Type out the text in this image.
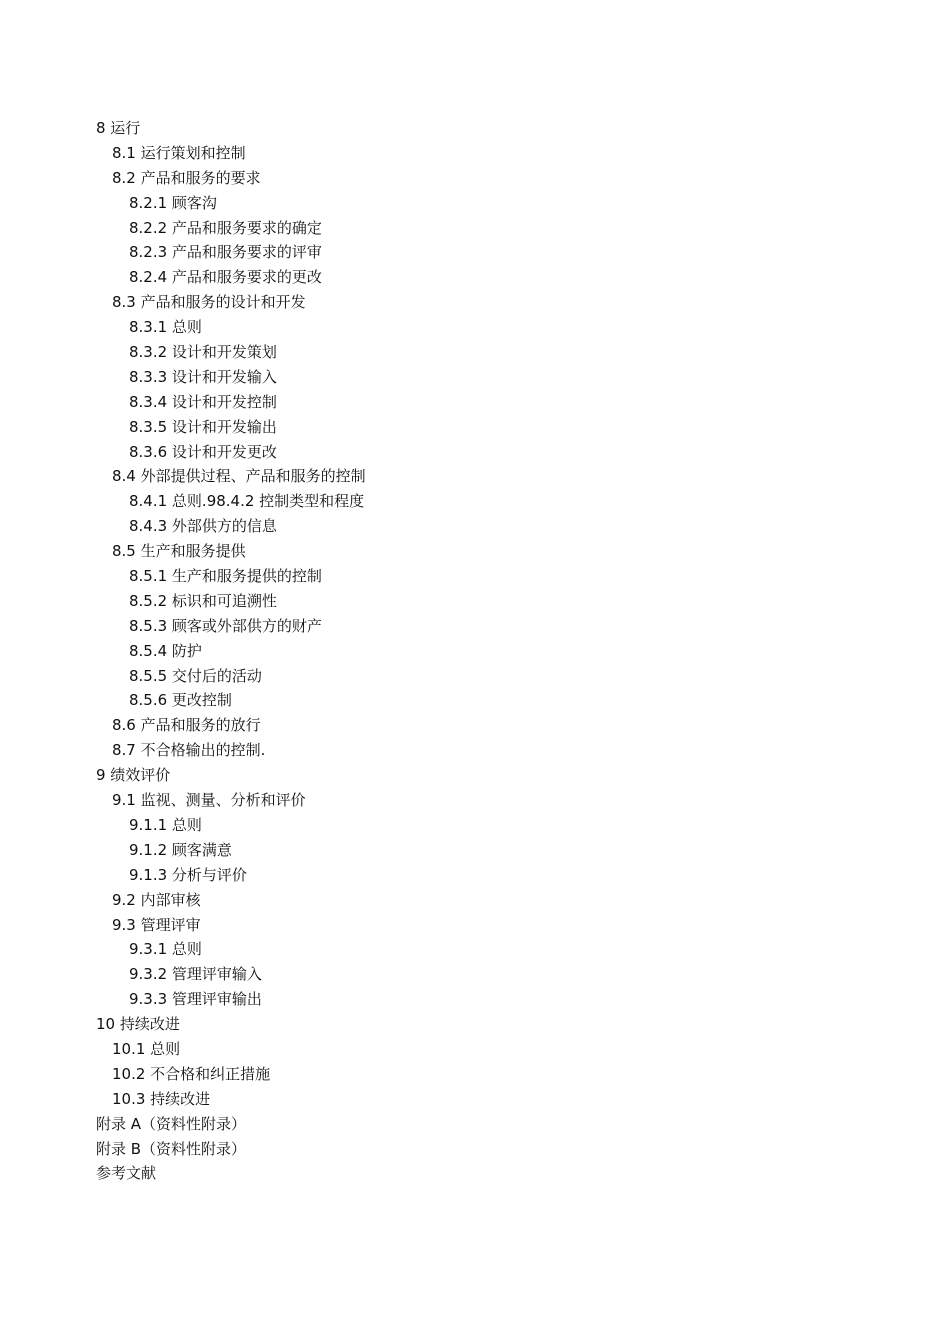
8 运行
8.1 运行策划和控制
8.2 产品和服务的要求
8.2.1 顾客沟
8.2.2 产品和服务要求的确定
8.2.3 产品和服务要求的评审
8.2.4 产品和服务要求的更改
8.3 产品和服务的设计和开发
8.3.1 总则
8.3.2 设计和开发策划
8.3.3 设计和开发输入
8.3.4 设计和开发控制
8.3.5 设计和开发输出
8.3.6 设计和开发更改
8.4 外部提供过程、产品和服务的控制
8.4.1 总则.98.4.2 控制类型和程度
8.4.3 外部供方的信息
8.5 生产和服务提供
8.5.1 生产和服务提供的控制
8.5.2 标识和可追溯性
8.5.3 顾客或外部供方的财产
8.5.4 防护
8.5.5 交付后的活动
8.5.6 更改控制
8.6 产品和服务的放行
8.7 不合格输出的控制.
9 绩效评价
9.1 监视、测量、分析和评价
9.1.1 总则
9.1.2 顾客满意
9.1.3 分析与评价
9.2 内部审核
9.3 管理评审
9.3.1 总则
9.3.2 管理评审输入
9.3.3 管理评审输出
10 持续改进
10.1 总则
10.2 不合格和纠正措施
10.3 持续改进
附录 A（资料性附录）
附录 B（资料性附录）
参考文献
